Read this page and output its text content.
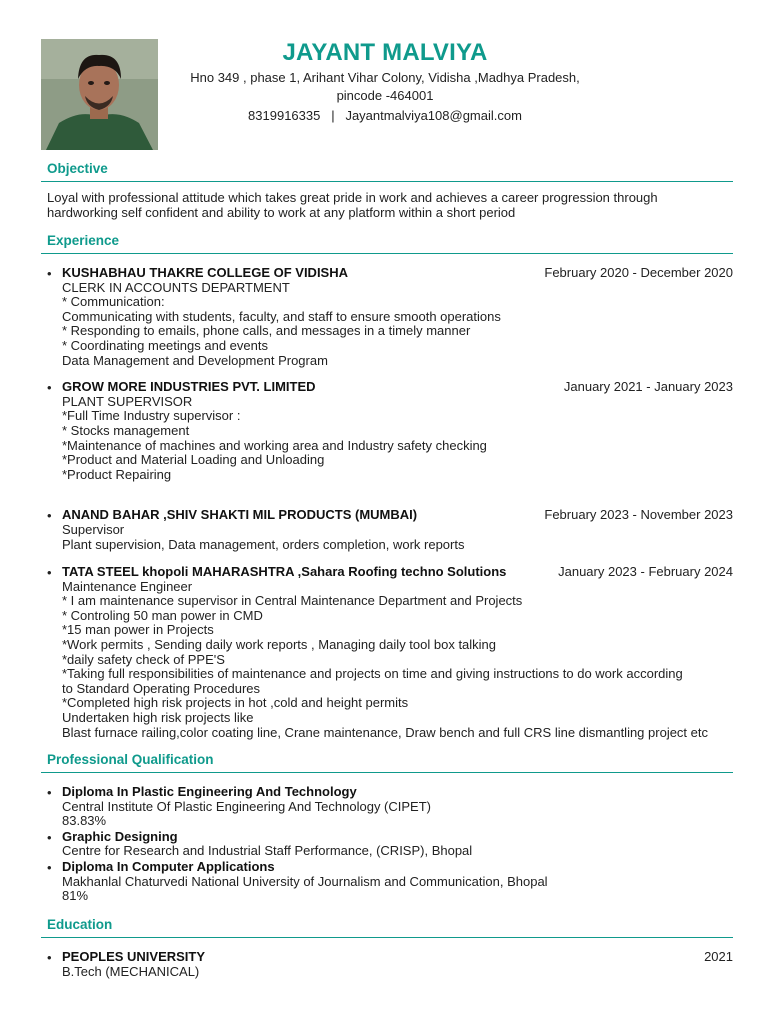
JAYANT MALVIYA
Hno 349 , phase 1, Arihant Vihar Colony, Vidisha ,Madhya Pradesh,
pincode -464001
8319916335 | Jayantmalviya108@gmail.com
Objective
Loyal with professional attitude which takes great pride in work and achieves a career progression through
hardworking self confident and ability to work at any platform within a short period
Experience
• KUSHABHAU THAKRE COLLEGE OF VIDISHA	February 2020 - December 2020
CLERK IN ACCOUNTS DEPARTMENT
* Communication:
Communicating with students, faculty, and staff to ensure smooth operations
* Responding to emails, phone calls, and messages in a timely manner
* Coordinating meetings and events
Data Management and Development Program
• GROW MORE INDUSTRIES PVT. LIMITED	January 2021 - January 2023
PLANT SUPERVISOR
*Full Time Industry supervisor :
* Stocks management
*Maintenance of machines and working area and Industry safety checking
*Product and Material Loading and Unloading
*Product Repairing
• ANAND BAHAR ,SHIV SHAKTI MIL PRODUCTS (MUMBAI)	February 2023 - November 2023
Supervisor
Plant supervision, Data management, orders completion, work reports
• TATA STEEL khopoli MAHARASHTRA ,Sahara Roofing techno Solutions	January 2023 - February 2024
Maintenance Engineer
* I am maintenance supervisor in Central Maintenance Department and Projects
* Controling 50 man power in CMD
*15 man power in Projects
*Work permits , Sending daily work reports , Managing daily tool box talking
*daily safety check of PPE'S
*Taking full responsibilities of maintenance and projects on time and giving instructions to do work according
to Standard Operating Procedures
*Completed high risk projects in hot ,cold and height permits
Undertaken high risk projects like
Blast furnace railing,color coating line, Crane maintenance, Draw bench and full CRS line dismantling project etc
Professional Qualification
• Diploma In Plastic Engineering And Technology
Central Institute Of Plastic Engineering And Technology (CIPET)
83.83%
• Graphic Designing
Centre for Research and Industrial Staff Performance, (CRISP), Bhopal
• Diploma In Computer Applications
Makhanlal Chaturvedi National University of Journalism and Communication, Bhopal
81%
Education
• PEOPLES UNIVERSITY	2021
B.Tech (MECHANICAL)
